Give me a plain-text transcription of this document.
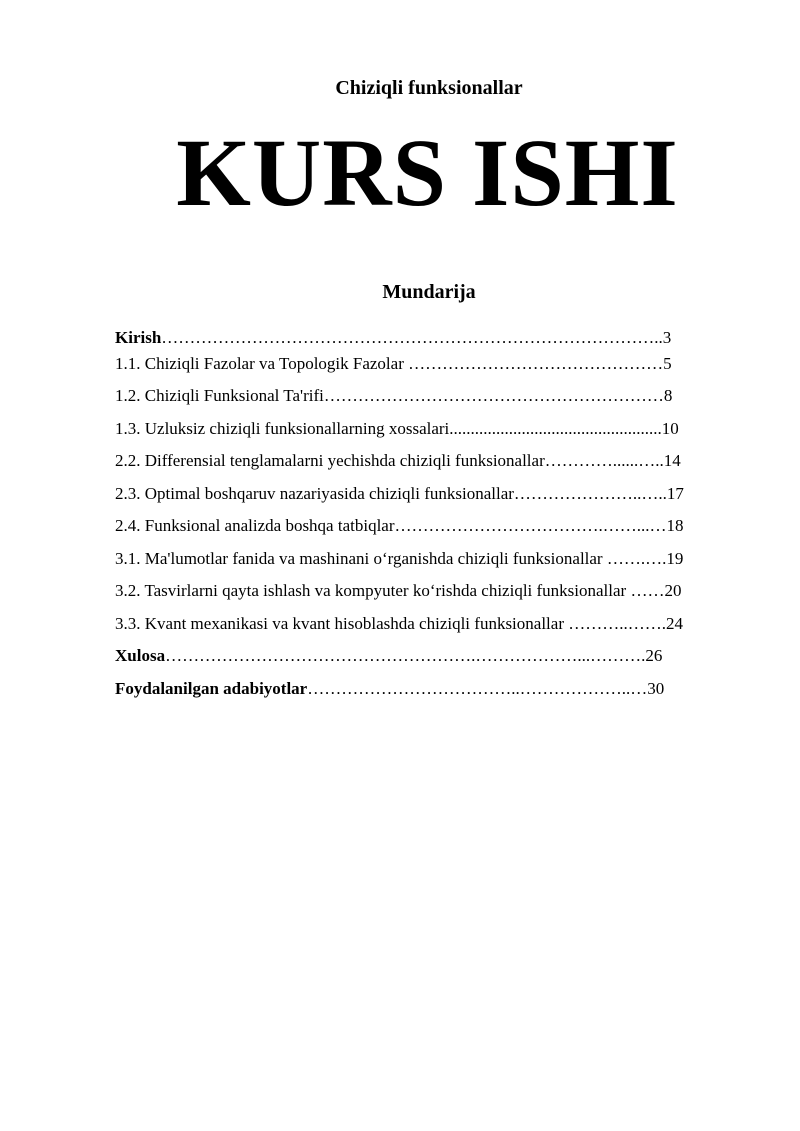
Chiziqli funksionallar
KURS ISHI
Mundarija
Kirish……………………………………………………………………………..3
1.1. Chiziqli Fazolar va Topologik Fazolar ………………………………………5
1.2. Chiziqli Funksional Ta'rifi……………………………………………………8
1.3. Uzluksiz chiziqli funksionallarning xossalari..................................................10
2.2. Differensial tenglamalarni yechishda chiziqli funksionallar…………......…..14
2.3. Optimal boshqaruv nazariyasida chiziqli funksionallar…………………..…..17
2.4. Funksional analizda boshqa tatbiqlar……………………………….……...…18
3.1. Ma'lumotlar fanida va mashinani o‘rganishda chiziqli funksionallar …….….19
3.2. Tasvirlarni qayta ishlash va kompyuter ko‘rishda chiziqli funksionallar ……20
3.3. Kvant mexanikasi va kvant hisoblashda chiziqli funksionallar ………..…….24
Xulosa……………………………………………….………………...……….26
Foydalanilgan adabiyotlar………………………………..………………..…30
